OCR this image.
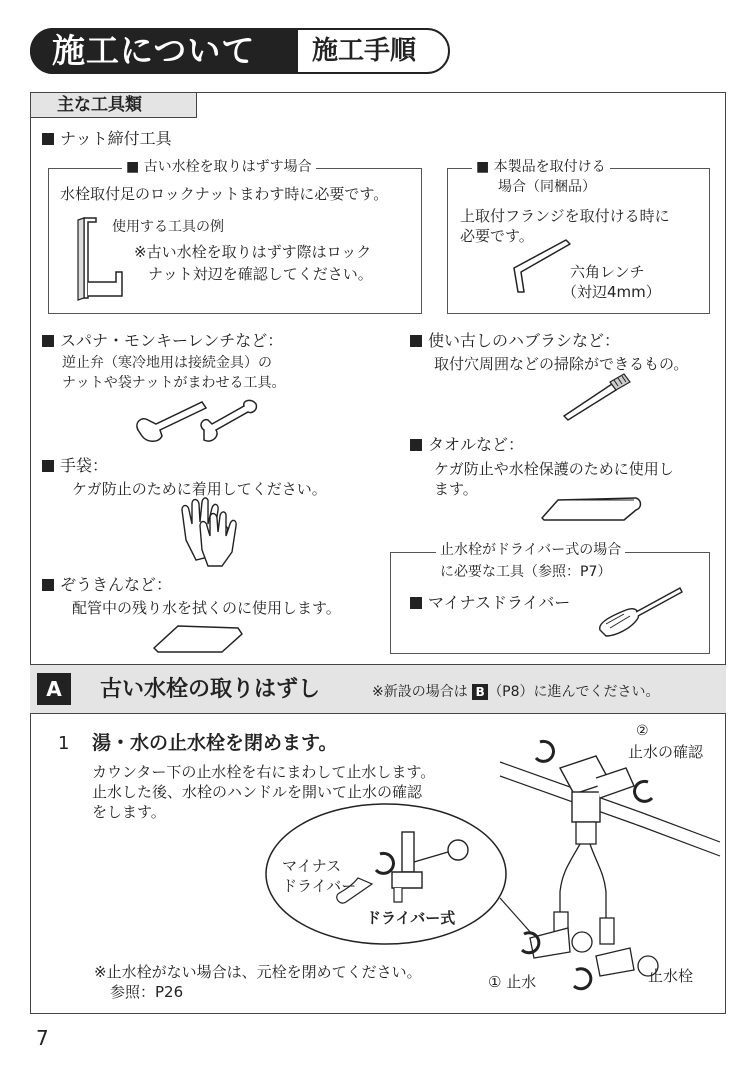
施工について 施工手順
主な工具類
ナット締付工具
■ 古い水栓を取りはずす場合
水栓取付足のロックナットまわす時に必要です。
使用する工具の例
※古い水栓を取りはずす際はロック
ナット対辺を確認してください。
■ 本製品を取付ける
場合（同梱品）
上取付フランジを取付ける時に
必要です。
六角レンチ
（対辺4mm）
スパナ・モンキーレンチなど：
逆止弁（寒冷地用は接続金具）の
ナットや袋ナットがまわせる工具。
手袋：
ケガ防止のために着用してください。
ぞうきんなど：
配管中の残り水を拭くのに使用します。
使い古しのハブラシなど：
取付穴周囲などの掃除ができるもの。
タオルなど：
ケガ防止や水栓保護のために使用し
ます。
止水栓がドライバー式の場合
に必要な工具（参照：P7）
マイナスドライバー
A	古い水栓の取りはずし	※新設の場合は B （P8）に進んでください。
1 湯・水の止水栓を閉めます。
カウンター下の止水栓を右にまわして止水します。
止水した後、水栓のハンドルを開いて止水の確認
をします。
マイナス
ドライバー
ドライバー式
②
止水の確認
① 止水	止水栓
※止水栓がない場合は、元栓を閉めてください。
参照：P26
7
